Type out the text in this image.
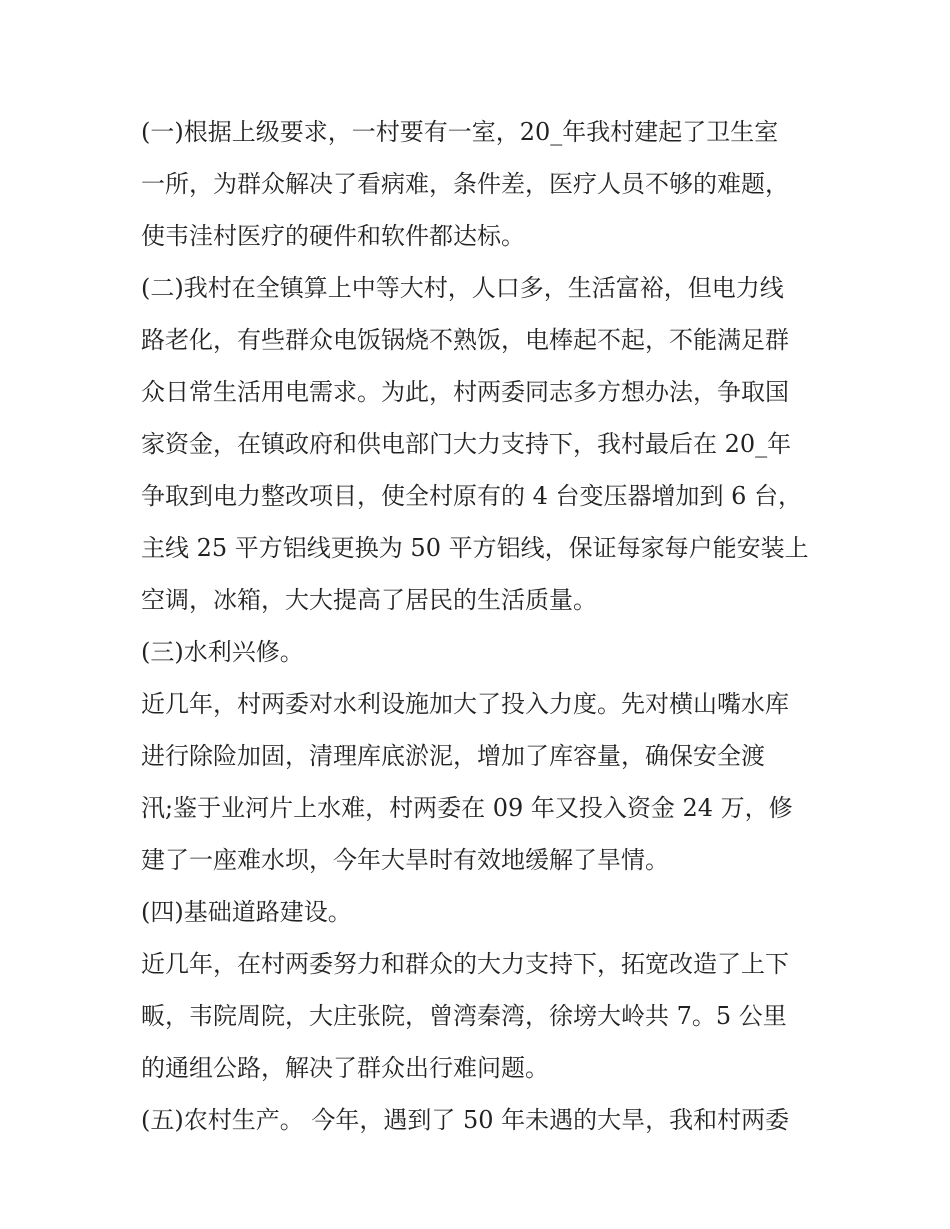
(一)根据上级要求，一村要有一室，20_年我村建起了卫生室
一所，为群众解决了看病难，条件差，医疗人员不够的难题，
使韦洼村医疗的硬件和软件都达标。
(二)我村在全镇算上中等大村，人口多，生活富裕，但电力线
路老化，有些群众电饭锅烧不熟饭，电棒起不起，不能满足群
众日常生活用电需求。为此，村两委同志多方想办法，争取国
家资金，在镇政府和供电部门大力支持下，我村最后在 20_年
争取到电力整改项目，使全村原有的 4 台变压器增加到 6 台，
主线 25 平方铝线更换为 50 平方铝线，保证每家每户能安装上
空调，冰箱，大大提高了居民的生活质量。
(三)水利兴修。
近几年，村两委对水利设施加大了投入力度。先对横山嘴水库
进行除险加固，清理库底淤泥，增加了库容量，确保安全渡
汛;鉴于业河片上水难，村两委在 09 年又投入资金 24 万，修
建了一座难水坝，今年大旱时有效地缓解了旱情。
(四)基础道路建设。
近几年，在村两委努力和群众的大力支持下，拓宽改造了上下
畈，韦院周院，大庄张院，曾湾秦湾，徐塝大岭共 7。5 公里
的通组公路，解决了群众出行难问题。
(五)农村生产。 今年，遇到了 50 年未遇的大旱，我和村两委
